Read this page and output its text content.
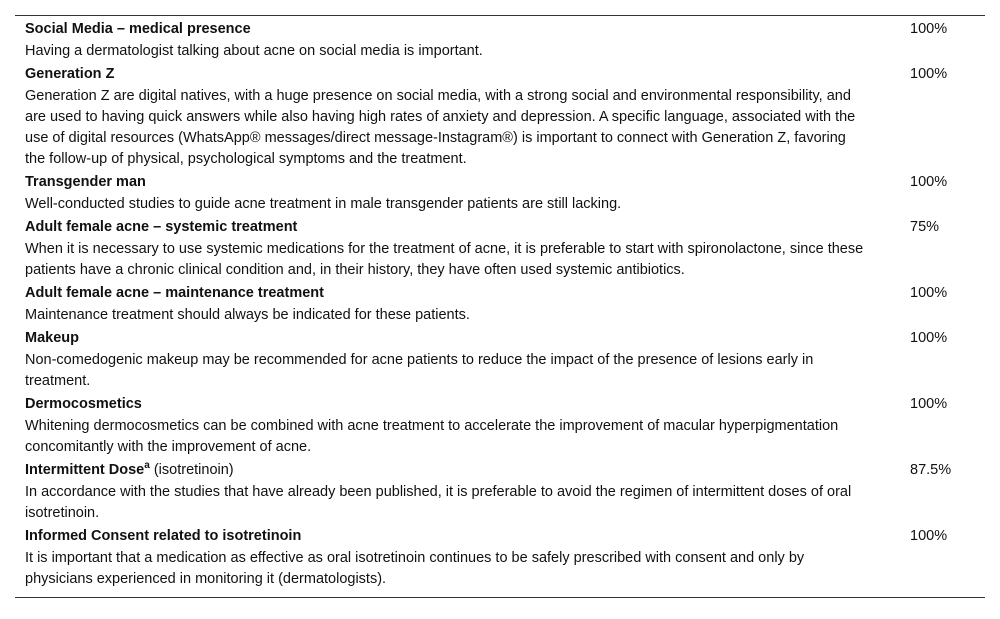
Social Media – medical presence	100%
Having a dermatologist talking about acne on social media is important.
Generation Z	100%
Generation Z are digital natives, with a huge presence on social media, with a strong social and environmental responsibility, and are used to having quick answers while also having high rates of anxiety and depression. A specific language, associated with the use of digital resources (WhatsApp® messages/direct message-Instagram®) is important to connect with Generation Z, favoring the follow-up of physical, psychological symptoms and the treatment.
Transgender man	100%
Well-conducted studies to guide acne treatment in male transgender patients are still lacking.
Adult female acne – systemic treatment	75%
When it is necessary to use systemic medications for the treatment of acne, it is preferable to start with spironolactone, since these patients have a chronic clinical condition and, in their history, they have often used systemic antibiotics.
Adult female acne – maintenance treatment	100%
Maintenance treatment should always be indicated for these patients.
Makeup	100%
Non-comedogenic makeup may be recommended for acne patients to reduce the impact of the presence of lesions early in treatment.
Dermocosmetics	100%
Whitening dermocosmetics can be combined with acne treatment to accelerate the improvement of macular hyperpigmentation concomitantly with the improvement of acne.
Intermittent Dose$^a$ (isotretinoin)	87.5%
In accordance with the studies that have already been published, it is preferable to avoid the regimen of intermittent doses of oral isotretinoin.
Informed Consent related to isotretinoin	100%
It is important that a medication as effective as oral isotretinoin continues to be safely prescribed with consent and only by physicians experienced in monitoring it (dermatologists).
